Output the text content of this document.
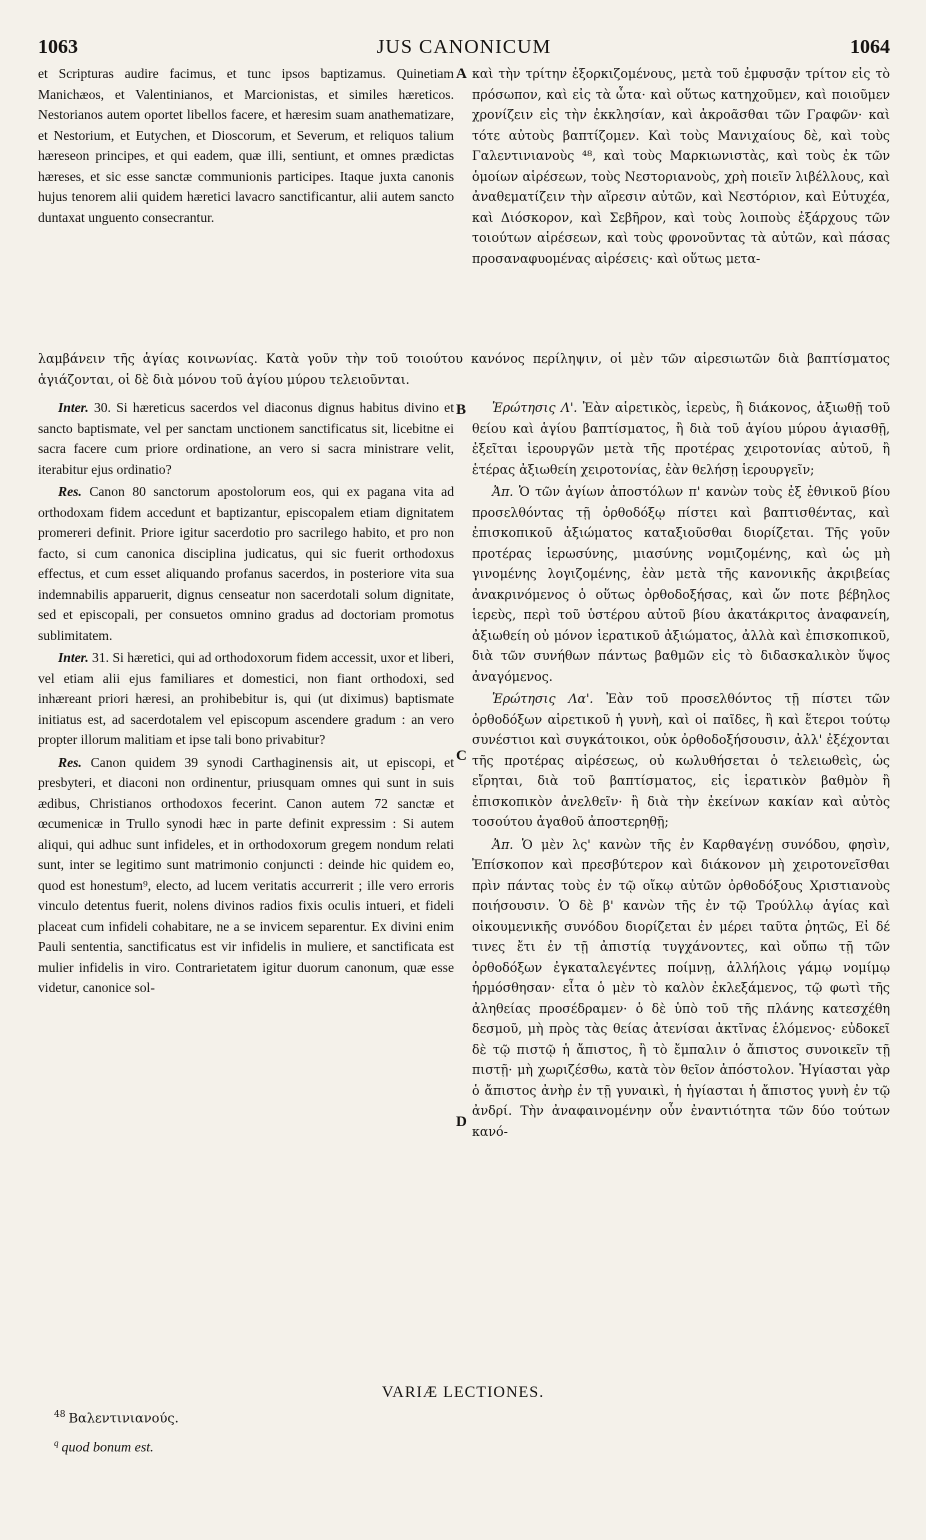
1063	JUS CANONICUM	1064

et Scripturas audire facimus, et tunc ipsos baptizamus. Quinetiam Manichæos, et Valentinianos, et Marcionistas, et similes hæreticos. Nestorianos autem oportet libellos facere, et hæresim suam anathematizare, et Nestorium, et Eutychen, et Dioscorum, et Severum, et reliquos talium hæreseon principes, et qui eadem, quæ illi, sentiunt, et omnes prædictas hæreses, et sic esse sanctæ communionis participes. Itaque juxta canonis hujus tenorem alii quidem hæretici lavacro sanctificantur, alii autem sancto duntaxat unguento consecrantur.

καὶ τὴν τρίτην ἐξορκιζομένους, μετὰ τοῦ ἐμφυσᾷν τρίτον εἰς τὸ πρόσωπον, καὶ εἰς τὰ ὦτα· καὶ οὕτως κατηχοῦμεν, καὶ ποιοῦμεν χρονίζειν εἰς τὴν ἐκκλησίαν, καὶ ἀκροᾶσθαι τῶν Γραφῶν· καὶ τότε αὐτοὺς βαπτίζομεν. Καὶ τοὺς Μανιχαίους δὲ, καὶ τοὺς Γαλεντινιανοὺς ⁴⁸, καὶ τοὺς Μαρκιωνιστὰς, καὶ τοὺς ἐκ τῶν ὁμοίων αἱρέσεων, τοὺς Νεστοριανοὺς, χρὴ ποιεῖν λιβέλλους, καὶ ἀναθεματίζειν τὴν αἵρεσιν αὐτῶν, καὶ Νεστόριον, καὶ Εὐτυχέα, καὶ Διόσκορον, καὶ Σεβῆρον, καὶ τοὺς λοιποὺς ἐξάρχους τῶν τοιούτων αἱρέσεων, καὶ τοὺς φρονοῦντας τὰ αὐτῶν, καὶ πάσας προσαναφυομένας αἱρέσεις· καὶ οὕτως μετα-

λαμβάνειν τῆς ἁγίας κοινωνίας. Κατὰ γοῦν τὴν τοῦ τοιούτου κανόνος περίληψιν, οἱ μὲν τῶν αἱρεσιωτῶν διὰ βαπτίσματος ἁγιάζονται, οἱ δὲ διὰ μόνου τοῦ ἁγίου μύρου τελειοῦνται.

Inter. 30. Si hæreticus sacerdos vel diaconus dignus habitus divino et sancto baptismate, vel per sanctam unctionem sanctificatus sit, licebitne ei sacra facere cum priore ordinatione, an vero si sacra ministrare velit, iterabitur ejus ordinatio?

Res. Canon 80 sanctorum apostolorum eos, qui ex pagana vita ad orthodoxam fidem accedunt et baptizantur, episcopalem etiam dignitatem promereri definit. Priore igitur sacerdotio pro sacrilego habito, et pro non facto, si cum canonica disciplina judicatus, qui sic fuerit orthodoxus effectus, et cum esset aliquando profanus sacerdos, in posteriore vita sua indemnabilis apparuerit, dignus censeatur non sacerdotali solum dignitate, sed et episcopali, per consuetos omnino gradus ad doctoriam promotus sublimitatem.

Inter. 31. Si hæretici, qui ad orthodoxorum fidem accessit, uxor et liberi, vel etiam alii ejus familiares et domestici, non fiant orthodoxi, sed inhæreant priori hæresi, an prohibebitur is, qui (ut diximus) baptismate initiatus est, ad sacerdotalem vel episcopum ascendere gradum : an vero propter illorum malitiam et ipse tali bono privabitur?

Res. Canon quidem 39 synodi Carthaginensis ait, ut episcopi, et presbyteri, et diaconi non ordinentur, priusquam omnes qui sunt in suis ædibus, Christianos orthodoxos fecerint. Canon autem 72 sanctæ et œcumenicæ in Trullo synodi hæc in parte definit expressim : Si autem aliqui, qui adhuc sunt infideles, et in orthodoxorum gregem nondum relati sunt, inter se legitimo sunt matrimonio conjuncti : deinde hic quidem eo, quod est honestum⁹, electo, ad lucem veritatis accurrerit ; ille vero erroris vinculo detentus fuerit, nolens divinos radios fixis oculis intueri, et fideli placeat cum infideli cohabitare, ne a se invicem separentur. Ex divini enim Pauli sententia, sanctificatus est vir infidelis in muliere, et sanctificata est mulier infidelis in viro. Contrarietatem igitur duorum canonum, quæ esse videtur, canonice sol-

Ἐρώτησις Λ'. Ἐὰν αἱρετικὸς, ἱερεὺς, ἢ διάκονος, ἀξιωθῇ τοῦ θείου καὶ ἁγίου βαπτίσματος, ἢ διὰ τοῦ ἁγίου μύρου ἁγιασθῇ, ἐξεῖται ἱερουργῶν μετὰ τῆς προτέρας χειροτονίας αὐτοῦ, ἢ ἑτέρας ἀξιωθείη χειροτονίας, ἐὰν θελήσῃ ἱερουργεῖν;

Ἀπ. Ὁ τῶν ἁγίων ἀποστόλων π' κανὼν τοὺς ἐξ ἐθνικοῦ βίου προσελθόντας τῇ ὀρθοδόξῳ πίστει καὶ βαπτισθέντας, καὶ ἐπισκοπικοῦ ἀξιώματος καταξιοῦσθαι διορίζεται. Τῆς γοῦν προτέρας ἱερωσύνης, μιασύνης νομιζομένης, καὶ ὡς μὴ γινομένης λογιζομένης, ἐὰν μετὰ τῆς κανονικῆς ἀκριβείας ἀνακρινόμενος ὁ οὕτως ὀρθοδοξήσας, καὶ ὤν ποτε βέβηλος ἱερεὺς, περὶ τοῦ ὑστέρου αὐτοῦ βίου ἀκατάκριτος ἀναφανείη, ἀξιωθείη οὐ μόνον ἱερατικοῦ ἀξιώματος, ἀλλὰ καὶ ἐπισκοπικοῦ, διὰ τῶν συνήθων πάντως βαθμῶν εἰς τὸ διδασκαλικὸν ὕψος ἀναγόμενος.

Ἐρώτησις Λα'. Ἐὰν τοῦ προσελθόντος τῇ πίστει τῶν ὀρθοδόξων αἱρετικοῦ ἡ γυνὴ, καὶ οἱ παῖδες, ἢ καὶ ἕτεροι τούτῳ συνέστιοι καὶ συγκάτοικοι, οὐκ ὀρθοδοξήσουσιν, ἀλλ' ἐξέχονται τῆς προτέρας αἱρέσεως, οὐ κωλυθήσεται ὁ τελειωθεὶς, ὡς εἴρηται, διὰ τοῦ βαπτίσματος, εἰς ἱερατικὸν βαθμὸν ἢ ἐπισκοπικὸν ἀνελθεῖν· ἢ διὰ τὴν ἐκείνων κακίαν καὶ αὐτὸς τοσούτου ἀγαθοῦ ἀποστερηθῇ;

Ἀπ. Ὁ μὲν λς' κανὼν τῆς ἐν Καρθαγένῃ συνόδου, φησὶν, Ἐπίσκοπον καὶ πρεσβύτερον καὶ διάκονον μὴ χειροτονεῖσθαι πρὶν πάντας τοὺς ἐν τῷ οἴκῳ αὐτῶν ὀρθοδόξους Χριστιανοὺς ποιήσουσιν. Ὁ δὲ β' κανὼν τῆς ἐν τῷ Τρούλλῳ ἁγίας καὶ οἰκουμενικῆς συνόδου διορίζεται ἐν μέρει ταῦτα ῥητῶς, Εἰ δέ τινες ἔτι ἐν τῇ ἀπιστίᾳ τυγχάνοντες, καὶ οὔπω τῇ τῶν ὀρθοδόξων ἐγκαταλεγέντες ποίμνῃ, ἀλλήλοις γάμῳ νομίμῳ ἡρμόσθησαν· εἶτα ὁ μὲν τὸ καλὸν ἐκλεξάμενος, τῷ φωτὶ τῆς ἀληθείας προσέδραμεν· ὁ δὲ ὑπὸ τοῦ τῆς πλάνης κατεσχέθη δεσμοῦ, μὴ πρὸς τὰς θείας ἀτενίσαι ἀκτῖνας ἑλόμενος· εὐδοκεῖ δὲ τῷ πιστῷ ἡ ἄπιστος, ἢ τὸ ἔμπαλιν ὁ ἄπιστος συνοικεῖν τῇ πιστῇ· μὴ χωριζέσθω, κατὰ τὸν θεῖον ἀπόστολον. Ἡγίασται γὰρ ὁ ἄπιστος ἀνὴρ ἐν τῇ γυναικὶ, ἡ ἡγίασται ἡ ἄπιστος γυνὴ ἐν τῷ ἀνδρί. Τὴν ἀναφαινομένην οὖν ἐναντιότητα τῶν δύο τούτων κανό-

A
B
C
D
VARIÆ LECTIONES.
$^{48}$ Βαλεντινιανούς.
$^q$ quod bonum est.
